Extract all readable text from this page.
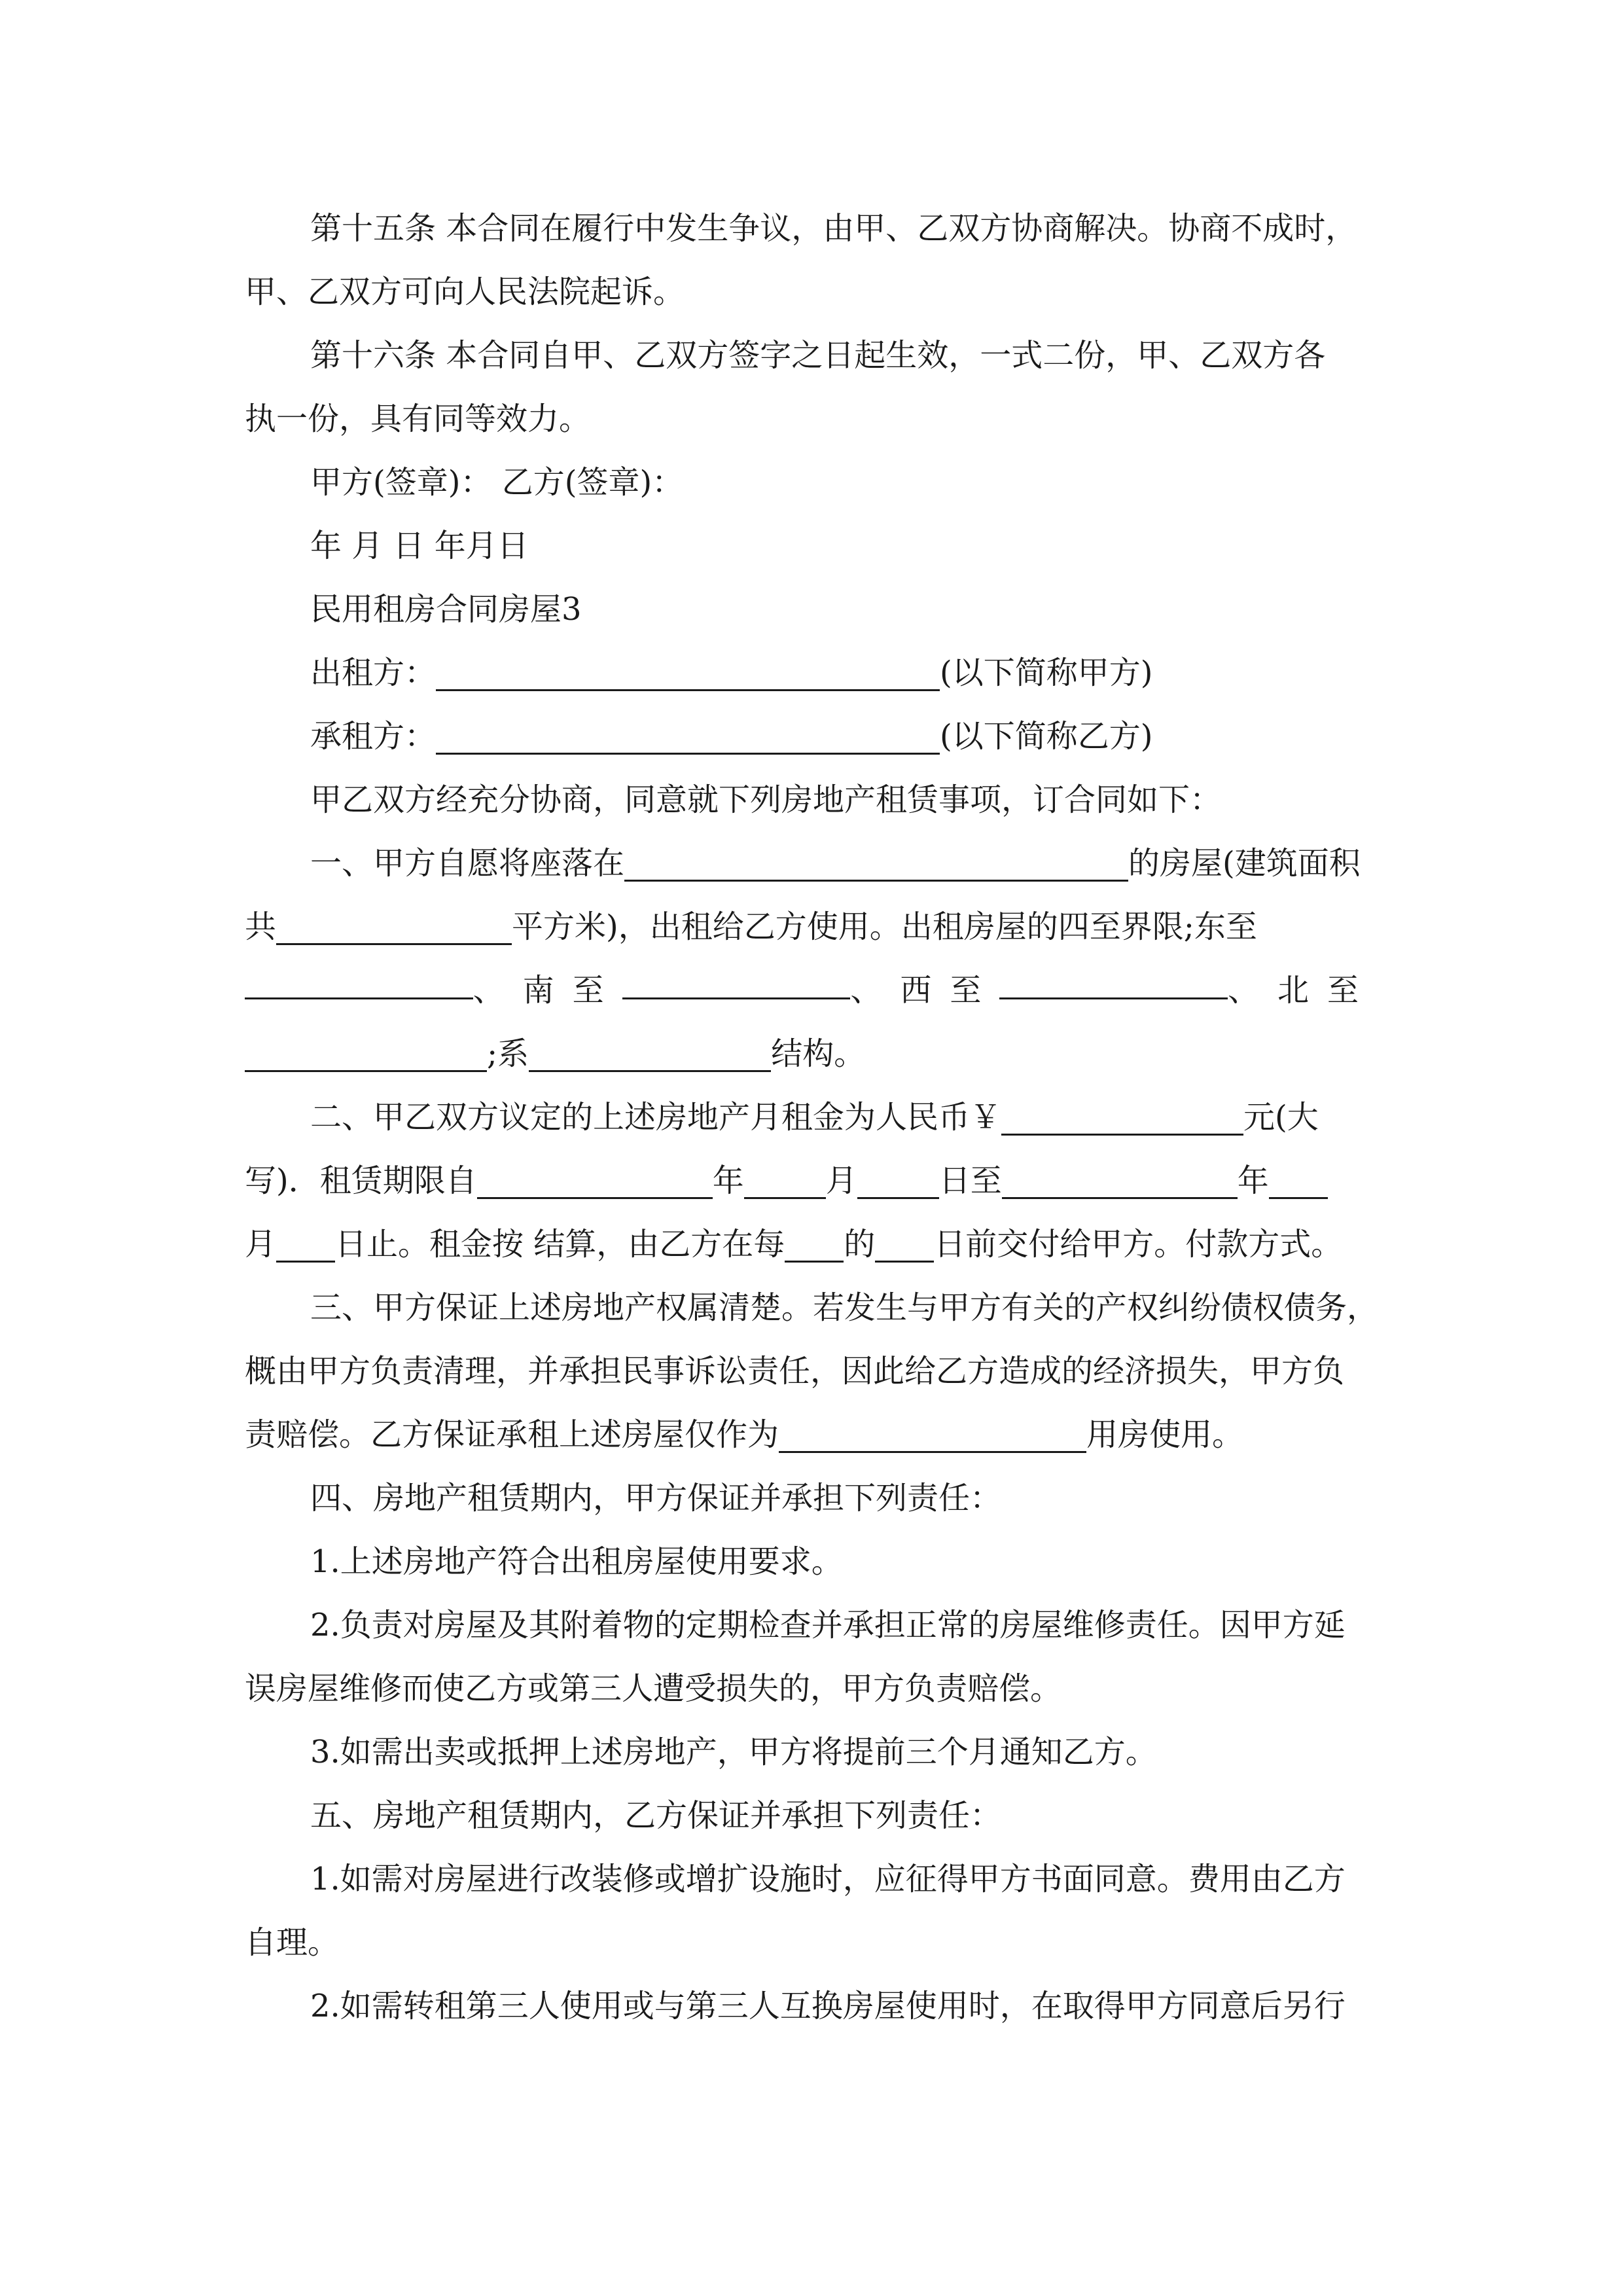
第十五条 本合同在履行中发生争议，由甲、乙双方协商解决。协商不成时，
甲、乙双方可向人民法院起诉。
第十六条 本合同自甲、乙双方签字之日起生效，一式二份，甲、乙双方各
执一份，具有同等效力。
甲方(签章)： 乙方(签章)：
年 月 日 年月日
民用租房合同房屋3
出租方：	(以下简称甲方)
承租方：	(以下简称乙方)
甲乙双方经充分协商，同意就下列房地产租赁事项，订合同如下：
一、甲方自愿将座落在	的房屋(建筑面积
共	平方米)，出租给乙方使用。出租房屋的四至界限;东至
、南至	、西至	、北至
;系	结构。
二、甲乙双方议定的上述房地产月租金为人民币￥	元(大
写)．租赁期限自	年	月	日至	年
月 日止。租金按 结算，由乙方在每 的 日前交付给甲方。付款方式。
三、甲方保证上述房地产权属清楚。若发生与甲方有关的产权纠纷债权债务，
概由甲方负责清理，并承担民事诉讼责任，因此给乙方造成的经济损失，甲方负
责赔偿。乙方保证承租上述房屋仅作为	用房使用。
四、房地产租赁期内，甲方保证并承担下列责任：
1.上述房地产符合出租房屋使用要求。
2.负责对房屋及其附着物的定期检查并承担正常的房屋维修责任。因甲方延
误房屋维修而使乙方或第三人遭受损失的，甲方负责赔偿。
3.如需出卖或抵押上述房地产，甲方将提前三个月通知乙方。
五、房地产租赁期内，乙方保证并承担下列责任：
1.如需对房屋进行改装修或增扩设施时，应征得甲方书面同意。费用由乙方
自理。
2.如需转租第三人使用或与第三人互换房屋使用时，在取得甲方同意后另行
